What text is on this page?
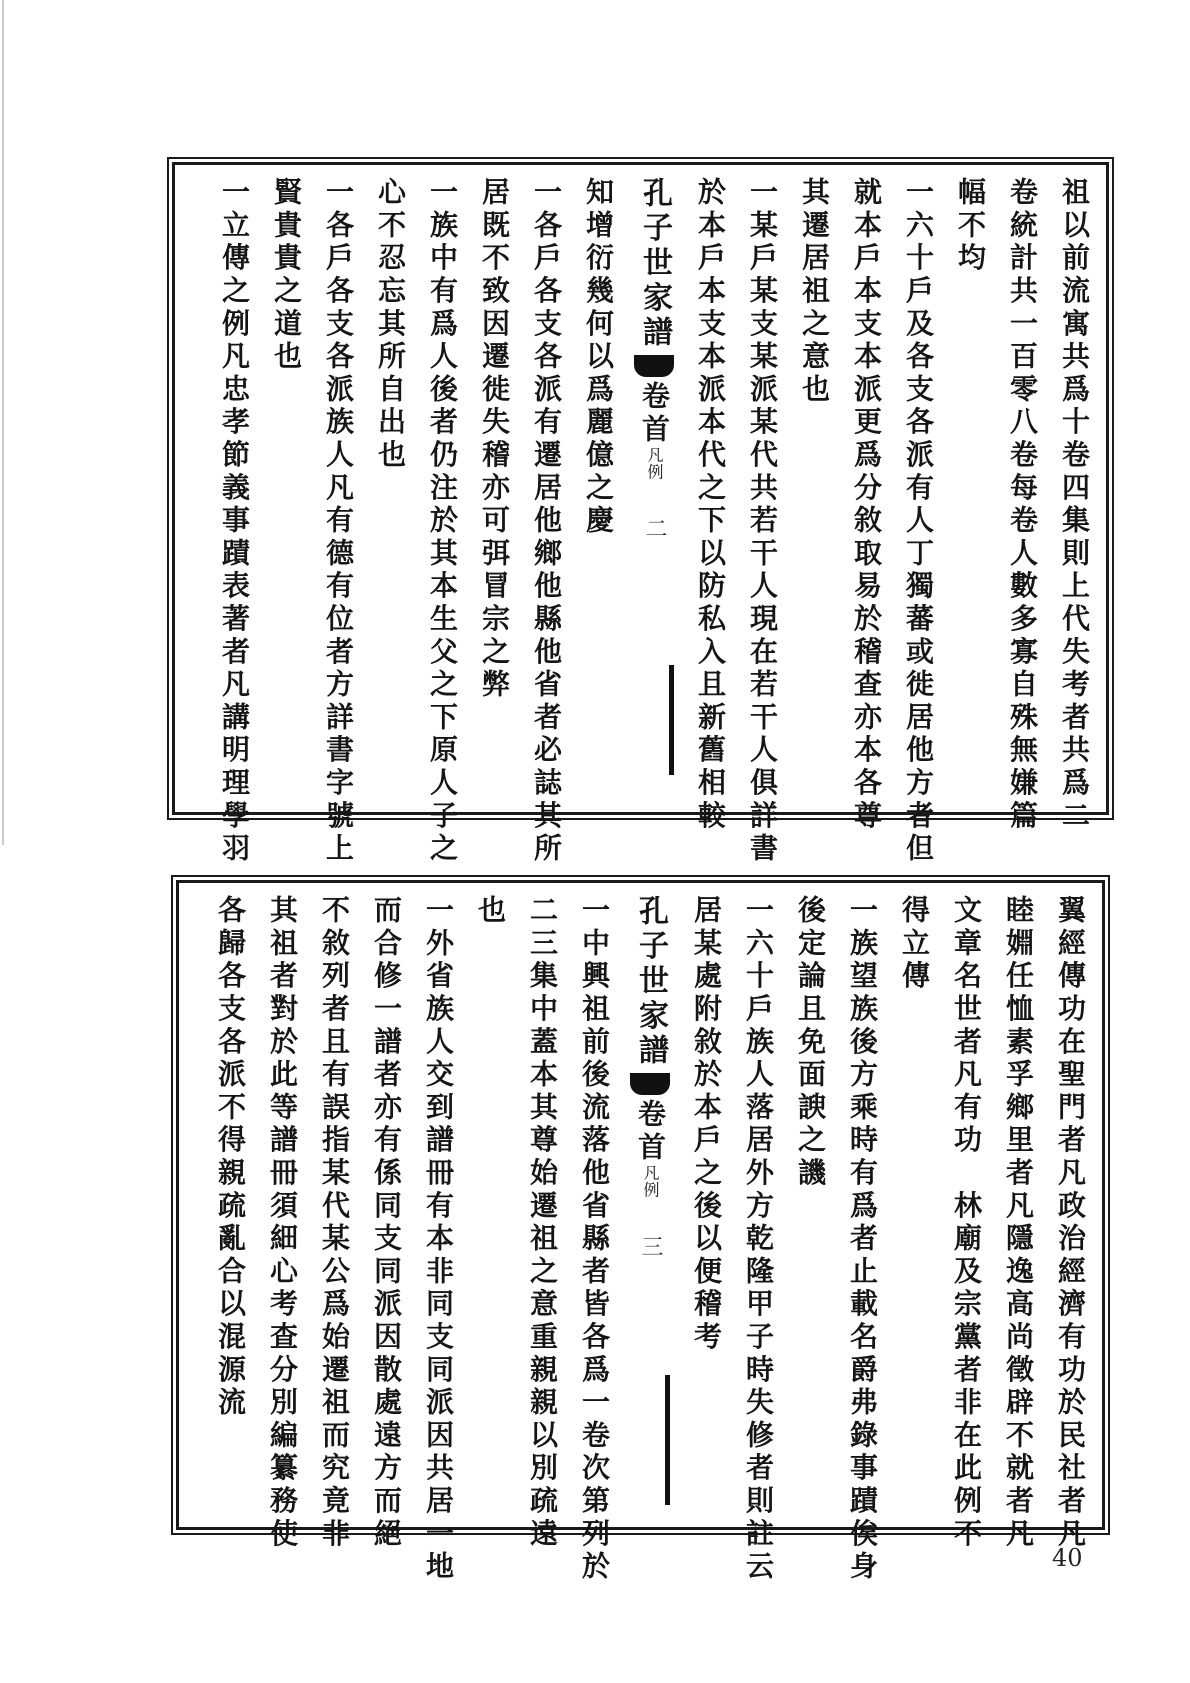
祖以前流寓共爲十卷四集則上代失考者共爲二
卷統計共一百零八卷每卷人數多寡自殊無嫌篇
幅不均
一六十戶及各支各派有人丁獨蕃或徙居他方者但
就本戶本支本派更爲分敘取易於稽查亦本各尊
其遷居祖之意也
一某戶某支某派某代共若干人現在若干人俱詳書
於本戶本支本派本代之下以防私入且新舊相較
孔子世家譜卷首凡例二
知增衍幾何以爲麗億之慶
一各戶各支各派有遷居他鄉他縣他省者必誌其所
居既不致因遷徙失稽亦可弭冒宗之弊
一族中有爲人後者仍注於其本生父之下原人子之
心不忍忘其所自出也
一各戶各支各派族人凡有德有位者方詳書字號上
賢貴貴之道也
一立傳之例凡忠孝節義事蹟表著者凡講明理學羽
翼經傳功在聖門者凡政治經濟有功於民社者凡
睦婣任恤素孚鄉里者凡隱逸高尚徵辟不就者凡
文章名世者凡有功　林廟及宗黨者非在此例不
得立傳
一族望族後方乘時有爲者止載名爵弗錄事蹟俟身
後定論且免面諛之譏
一六十戶族人落居外方乾隆甲子時失修者則註云
居某處附敘於本戶之後以便稽考
孔子世家譜卷首凡例三
一中興祖前後流落他省縣者皆各爲一卷次第列於
二三集中蓋本其尊始遷祖之意重親親以別疏遠
也
一外省族人交到譜冊有本非同支同派因共居一地
而合修一譜者亦有係同支同派因散處遠方而絕
不敘列者且有誤指某代某公爲始遷祖而究竟非
其祖者對於此等譜冊須細心考查分別編纂務使
各歸各支各派不得親疏亂合以混源流
40
